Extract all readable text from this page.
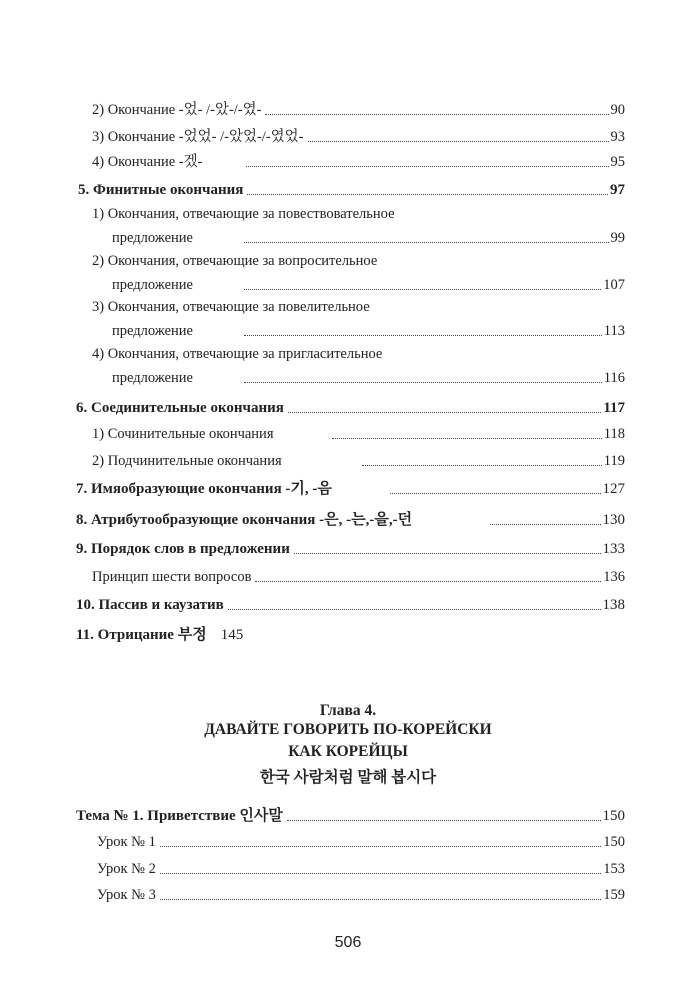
2) Окончание -었- /-았-/-였-	90
3) Окончание -었었- /-았었-/-였었-	93
4) Окончание -겠-	95
5. Финитные окончания	97
1) Окончания, отвечающие за повествовательное
предложение	99
2) Окончания, отвечающие за вопросительное
предложение	107
3) Окончания, отвечающие за повелительное
предложение	113
4) Окончания, отвечающие за пригласительное
предложение	116
6. Соединительные окончания	117
1) Сочинительные окончания	118
2) Подчинительные окончания	119
7. Имяобразующие окончания -기, -음	127
8. Атрибутообразующие окончания -은, -는,-을,-던	130
9. Порядок слов в предложении	133
Принцип шести вопросов	136
10. Пассив и каузатив	138
11. Отрицание 부정 145
Глава 4.
ДАВАЙТЕ ГОВОРИТЬ ПО-КОРЕЙСКИ
КАК КОРЕЙЦЫ
한국 사람처럼 말해 봅시다
Тема № 1. Приветствие 인사말	150
Урок № 1	150
Урок № 2	153
Урок № 3	159
506
